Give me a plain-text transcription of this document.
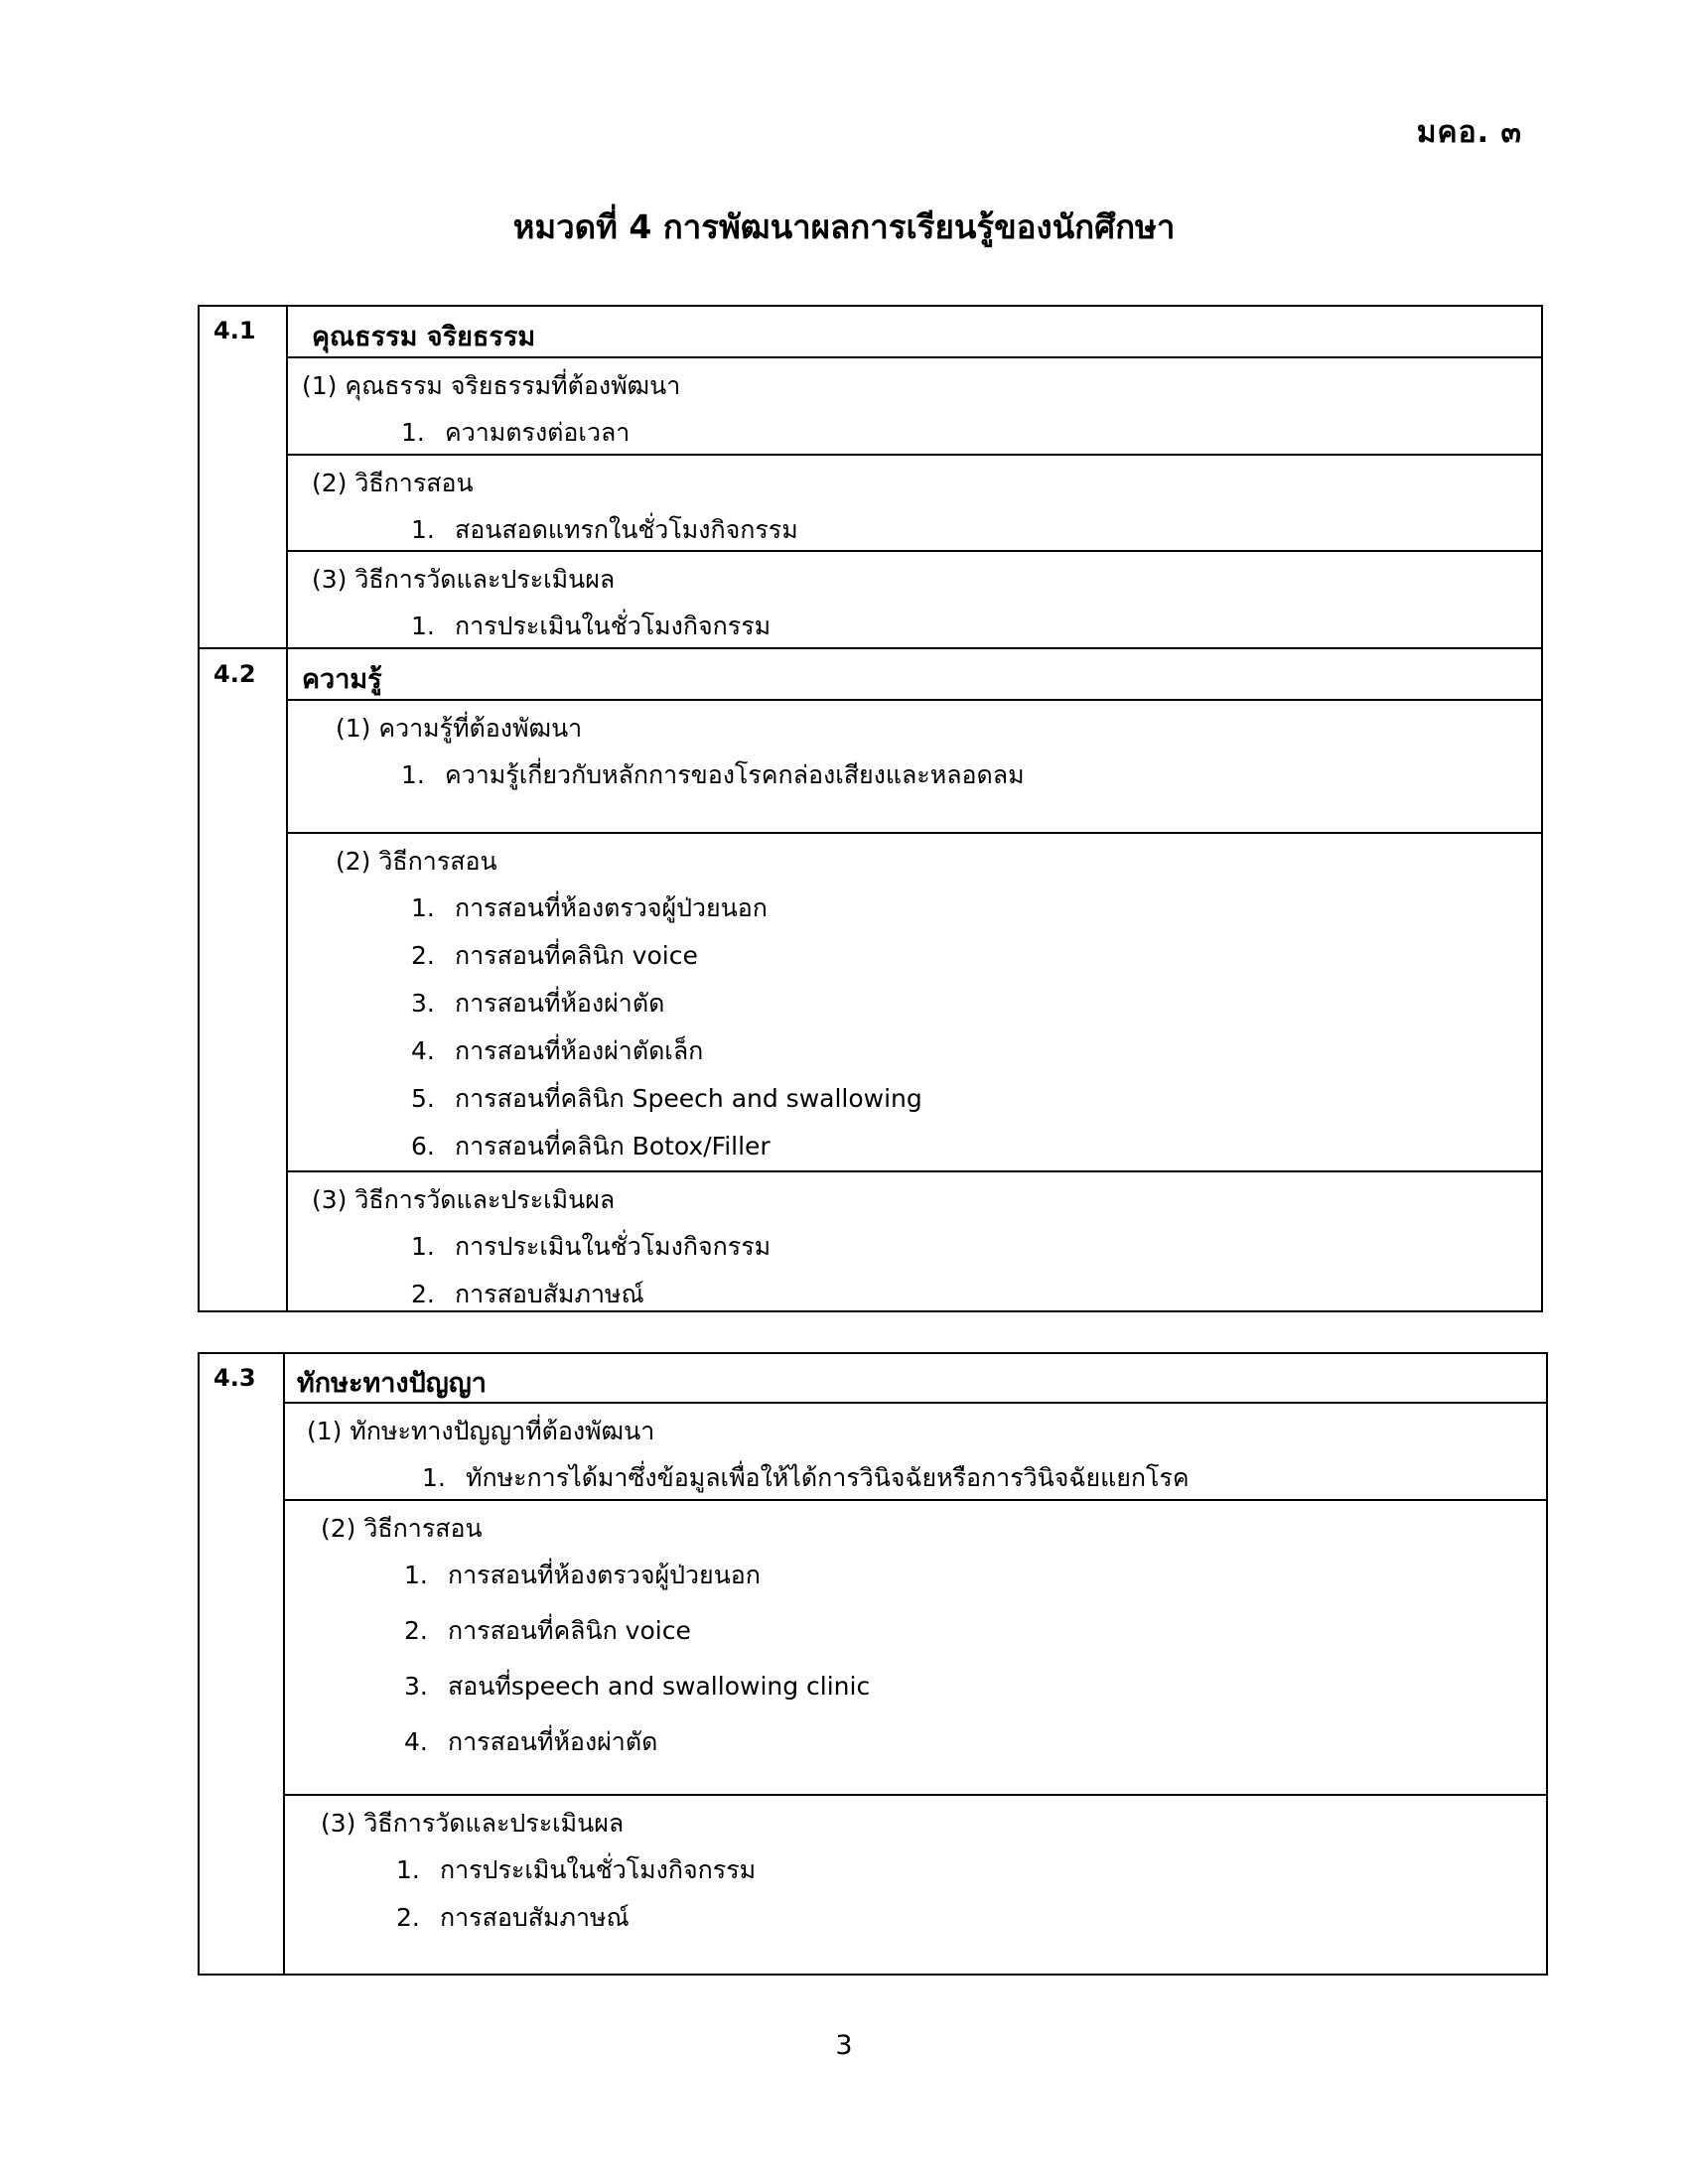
มคอ. ๓
หมวดที่ 4 การพัฒนาผลการเรียนรู้ของนักศึกษา
4.1
4.2
คุณธรรม จริยธรรม
(1) คุณธรรม จริยธรรมที่ต้องพัฒนา
1. ความตรงต่อเวลา
(2) วิธีการสอน
1. สอนสอดแทรกในชั่วโมงกิจกรรม
(3) วิธีการวัดและประเมินผล
1. การประเมินในชั่วโมงกิจกรรม
ความรู้
(1) ความรู้ที่ต้องพัฒนา
1. ความรู้เกี่ยวกับหลักการของโรคกล่องเสียงและหลอดลม
(2) วิธีการสอน
1. การสอนที่ห้องตรวจผู้ป่วยนอก
2. การสอนที่คลินิก voice
3. การสอนที่ห้องผ่าตัด
4. การสอนที่ห้องผ่าตัดเล็ก
5. การสอนที่คลินิก Speech and swallowing
6. การสอนที่คลินิก Botox/Filler
(3) วิธีการวัดและประเมินผล
1. การประเมินในชั่วโมงกิจกรรม
2. การสอบสัมภาษณ์
4.3	ทักษะทางปัญญา
(1) ทักษะทางปัญญาที่ต้องพัฒนา
1. ทักษะการได้มาซึ่งข้อมูลเพื่อให้ได้การวินิจฉัยหรือการวินิจฉัยแยกโรค
(2) วิธีการสอน
1. การสอนที่ห้องตรวจผู้ป่วยนอก
2. การสอนที่คลินิก voice
3. สอนที่speech and swallowing clinic
4. การสอนที่ห้องผ่าตัด
(3) วิธีการวัดและประเมินผล
1. การประเมินในชั่วโมงกิจกรรม
2. การสอบสัมภาษณ์
3
